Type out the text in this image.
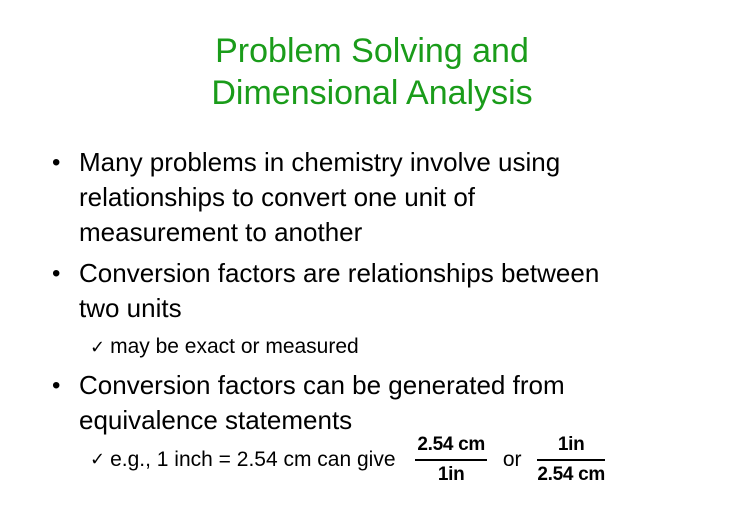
Problem Solving and
Dimensional Analysis
• Many problems in chemistry involve using
relationships to convert one unit of
measurement to another
• Conversion factors are relationships between
two units
✓ may be exact or measured
• Conversion factors can be generated from
equivalence statements
✓ e.g., 1 inch = 2.54 cm can give $\frac{2.54 cm}{1in}$ or $\frac{1in}{2.54 cm}$
